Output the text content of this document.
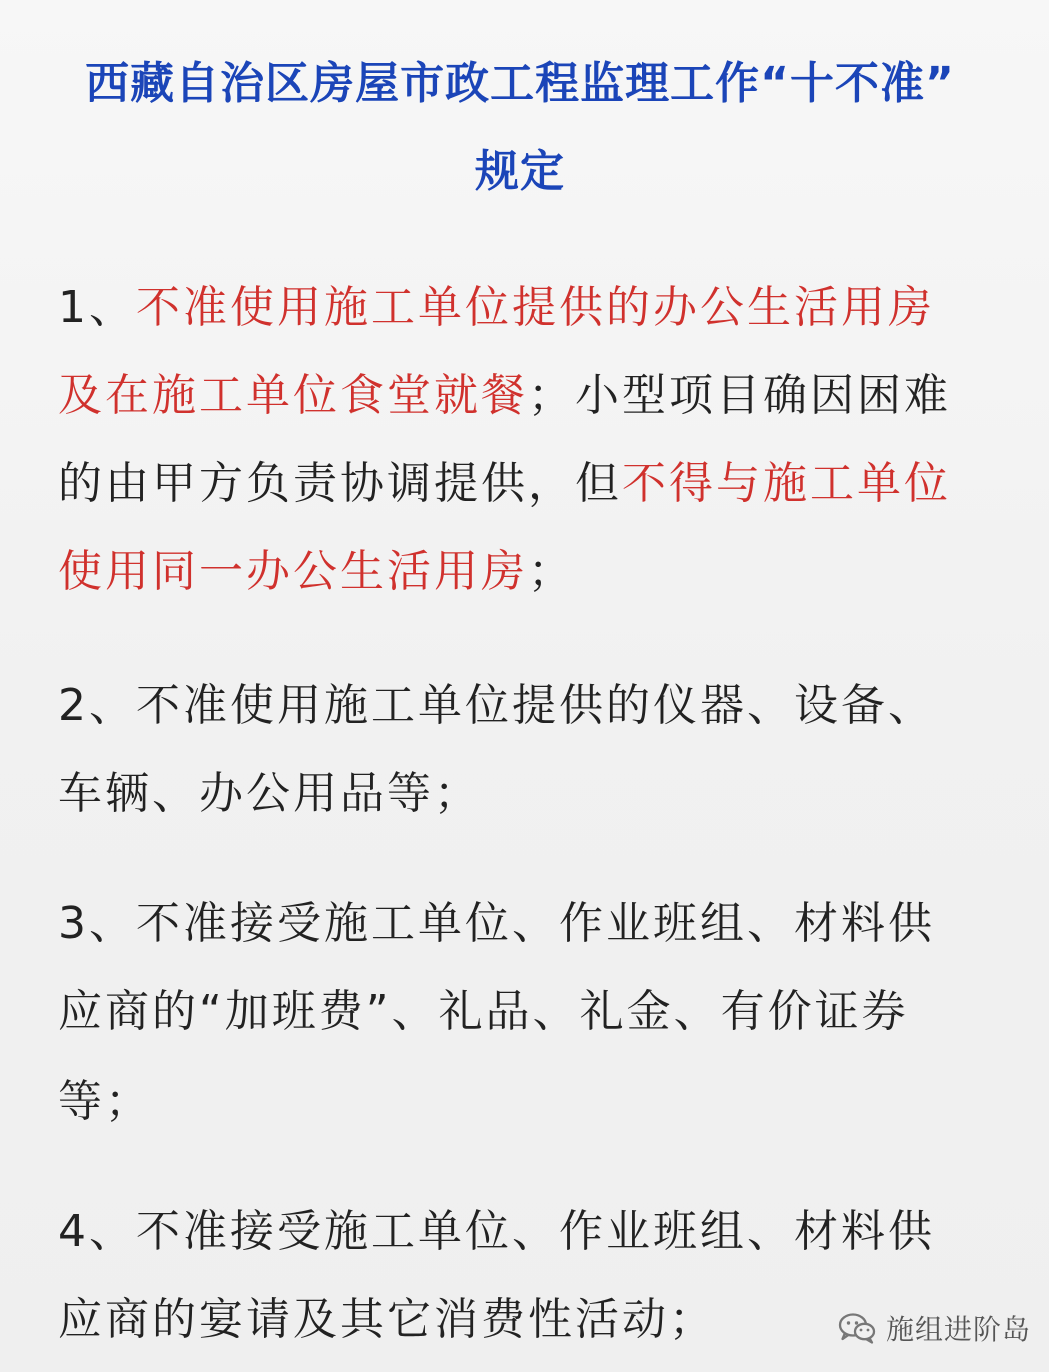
西藏自治区房屋市政工程监理工作“十不准”
规定
1、不准使用施工单位提供的办公生活用房
及在施工单位食堂就餐；小型项目确因困难
的由甲方负责协调提供，但不得与施工单位
使用同一办公生活用房；
2、不准使用施工单位提供的仪器、设备、
车辆、办公用品等；
3、不准接受施工单位、作业班组、材料供
应商的“加班费”、礼品、礼金、有价证券
等；
4、不准接受施工单位、作业班组、材料供
应商的宴请及其它消费性活动；	施组进阶岛
